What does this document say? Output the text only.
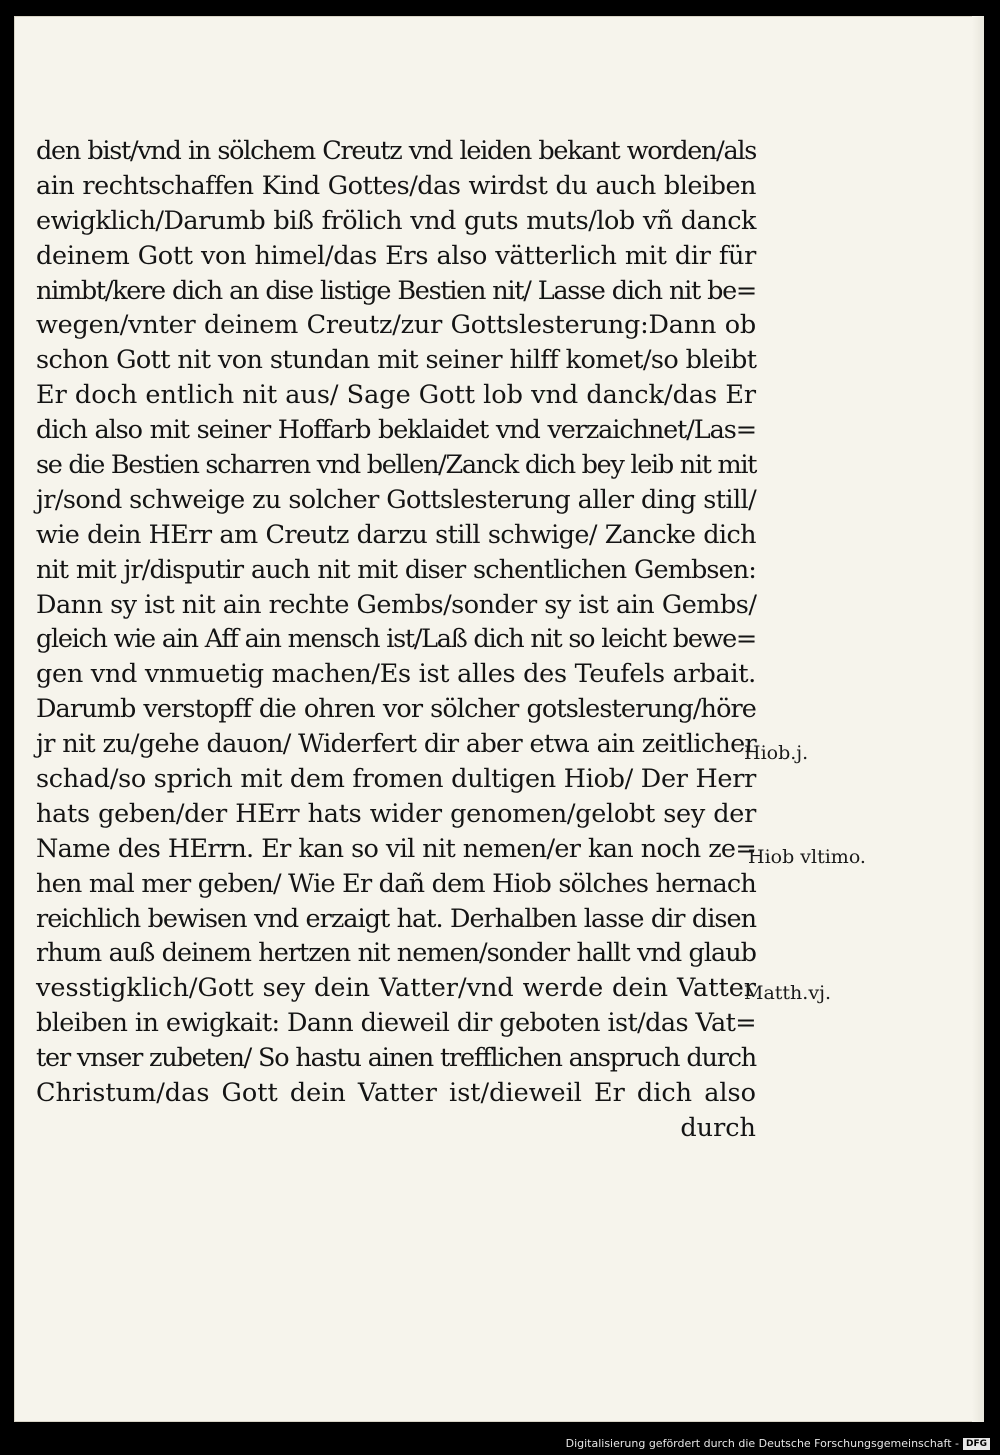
den bist/vnd in sölchem Creutz vnd leiden bekant worden/als
ain rechtschaffen Kind Gottes/das wirdst du auch bleiben
ewigklich/Darumb biß frölich vnd guts muts/lob vñ danck
deinem Gott von himel/das Ers also vätterlich mit dir für
nimbt/kere dich an dise listige Bestien nit/ Lasse dich nit be=
wegen/vnter deinem Creutz/zur Gottslesterung:Dann ob
schon Gott nit von stundan mit seiner hilff komet/so bleibt
Er doch entlich nit aus/ Sage Gott lob vnd danck/das Er
dich also mit seiner Hoffarb beklaidet vnd verzaichnet/Las=
se die Bestien scharren vnd bellen/Zanck dich bey leib nit mit
jr/sond schweige zu solcher Gottslesterung aller ding still/
wie dein HErr am Creutz darzu still schwige/ Zancke dich
nit mit jr/disputir auch nit mit diser schentlichen Gembsen:
Dann sy ist nit ain rechte Gembs/sonder sy ist ain Gembs/
gleich wie ain Aff ain mensch ist/Laß dich nit so leicht bewe=
gen vnd vnmuetig machen/Es ist alles des Teufels arbait.
Darumb verstopff die ohren vor sölcher gotslesterung/höre
jr nit zu/gehe dauon/ Widerfert dir aber etwa ain zeitlicher
schad/so sprich mit dem fromen dultigen Hiob/ Der Herr
hats geben/der HErr hats wider genomen/gelobt sey der
Name des HErrn. Er kan so vil nit nemen/er kan noch ze=
hen mal mer geben/ Wie Er dañ dem Hiob sölches hernach
reichlich bewisen vnd erzaigt hat. Derhalben lasse dir disen
rhum auß deinem hertzen nit nemen/sonder hallt vnd glaub
vesstigklich/Gott sey dein Vatter/vnd werde dein Vatter
bleiben in ewigkait: Dann dieweil dir geboten ist/das Vat=
ter vnser zubeten/ So hastu ainen trefflichen anspruch durch
Christum/das Gott dein Vatter ist/dieweil Er dich also
durch
Hiob.j.
Hiob vltimo.
Matth.vj.
Digitalisierung gefördert durch die Deutsche Forschungsgemeinschaft - DFG
